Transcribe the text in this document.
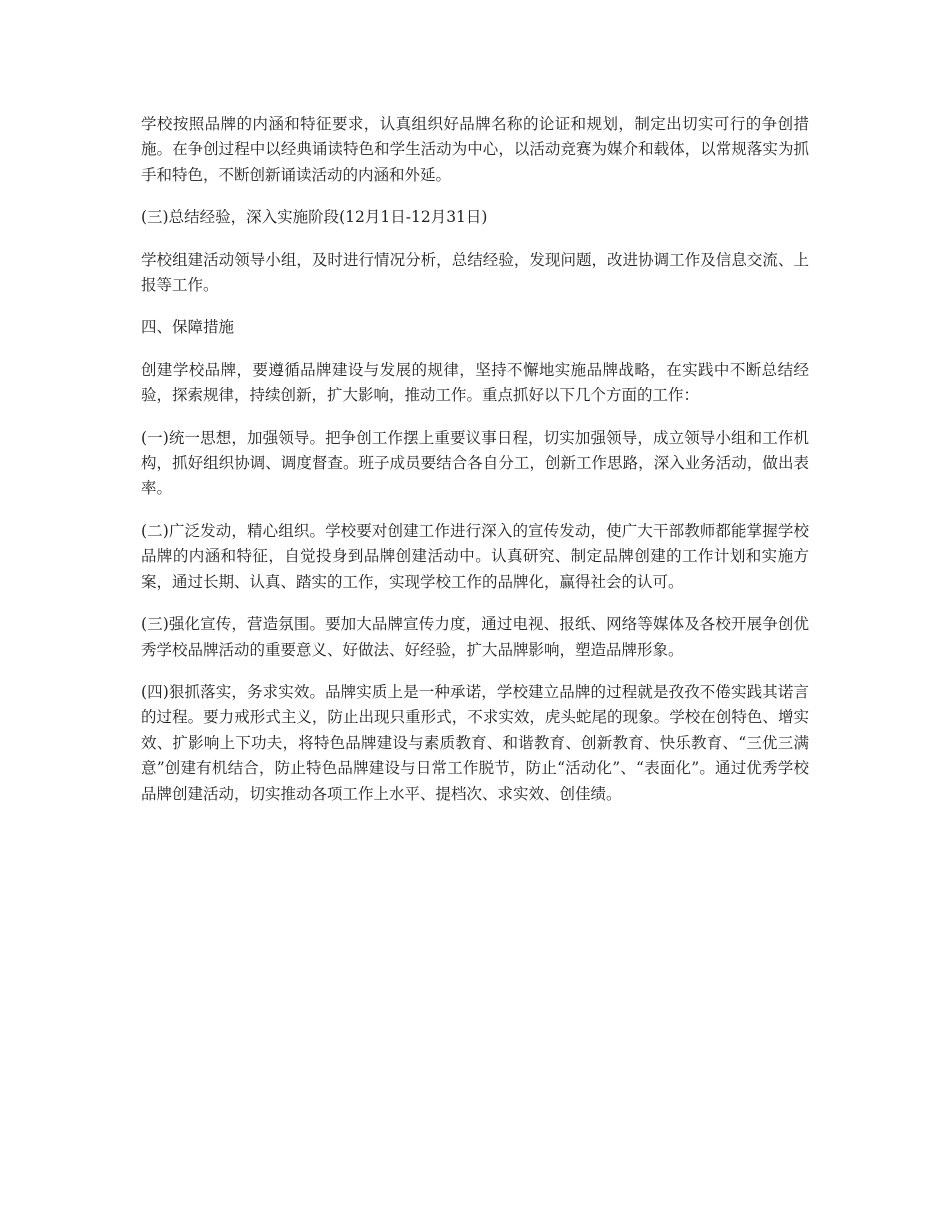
学校按照品牌的内涵和特征要求，认真组织好品牌名称的论证和规划，制定出切实可行的争创措施。在争创过程中以经典诵读特色和学生活动为中心，以活动竞赛为媒介和载体，以常规落实为抓手和特色，不断创新诵读活动的内涵和外延。

(三)总结经验，深入实施阶段(12月1日-12月31日)

学校组建活动领导小组，及时进行情况分析，总结经验，发现问题，改进协调工作及信息交流、上报等工作。

四、保障措施

创建学校品牌，要遵循品牌建设与发展的规律，坚持不懈地实施品牌战略，在实践中不断总结经验，探索规律，持续创新，扩大影响，推动工作。重点抓好以下几个方面的工作：

(一)统一思想，加强领导。把争创工作摆上重要议事日程，切实加强领导，成立领导小组和工作机构，抓好组织协调、调度督查。班子成员要结合各自分工，创新工作思路，深入业务活动，做出表率。

(二)广泛发动，精心组织。学校要对创建工作进行深入的宣传发动，使广大干部教师都能掌握学校品牌的内涵和特征，自觉投身到品牌创建活动中。认真研究、制定品牌创建的工作计划和实施方案，通过长期、认真、踏实的工作，实现学校工作的品牌化，赢得社会的认可。

(三)强化宣传，营造氛围。要加大品牌宣传力度，通过电视、报纸、网络等媒体及各校开展争创优秀学校品牌活动的重要意义、好做法、好经验，扩大品牌影响，塑造品牌形象。

(四)狠抓落实，务求实效。品牌实质上是一种承诺，学校建立品牌的过程就是孜孜不倦实践其诺言的过程。要力戒形式主义，防止出现只重形式，不求实效，虎头蛇尾的现象。学校在创特色、增实效、扩影响上下功夫，将特色品牌建设与素质教育、和谐教育、创新教育、快乐教育、“三优三满意”创建有机结合，防止特色品牌建设与日常工作脱节，防止“活动化”、“表面化”。通过优秀学校品牌创建活动，切实推动各项工作上水平、提档次、求实效、创佳绩。
